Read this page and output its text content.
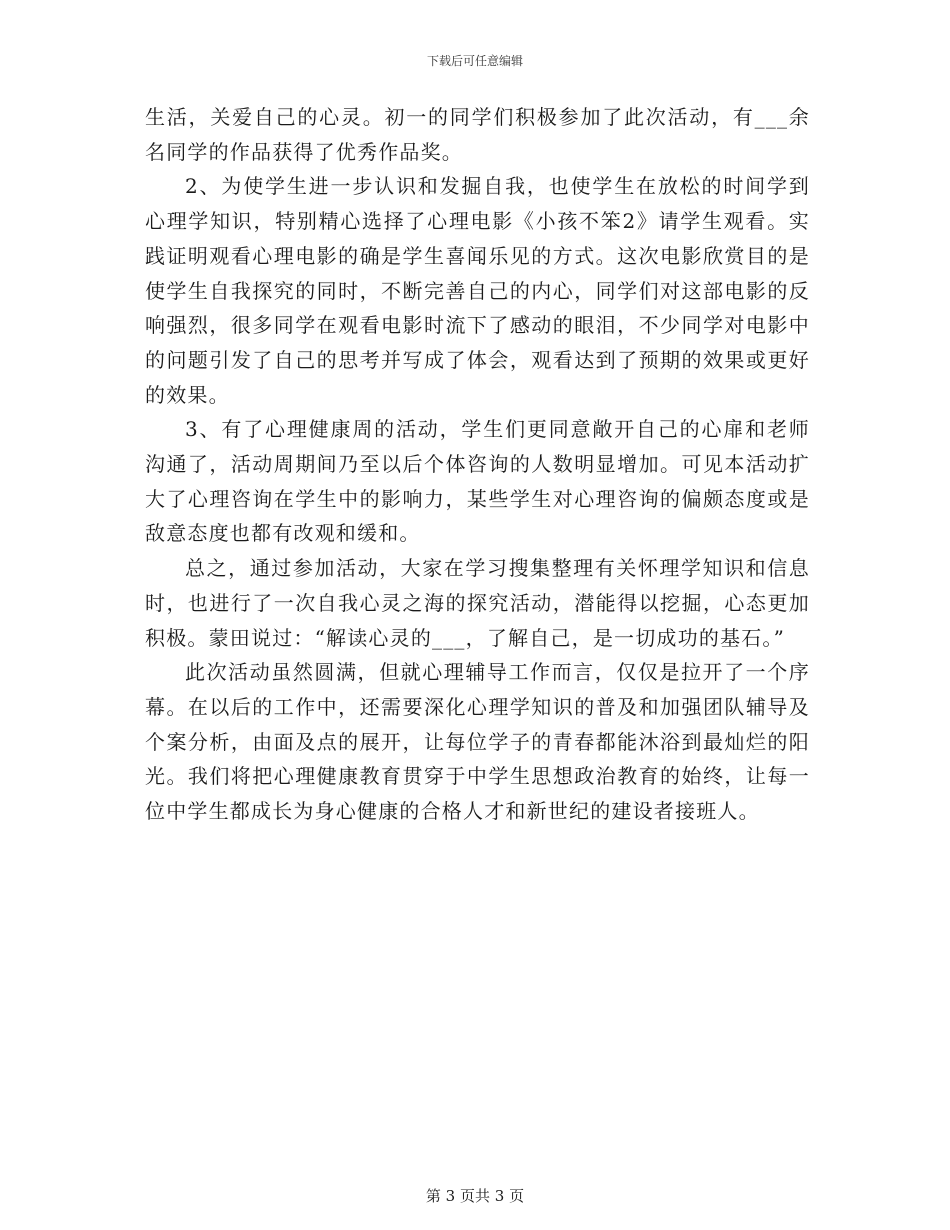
下载后可任意编辑

生活，关爱自己的心灵。初一的同学们积极参加了此次活动，有___余名同学的作品获得了优秀作品奖。

2、为使学生进一步认识和发掘自我，也使学生在放松的时间学到心理学知识，特别精心选择了心理电影《小孩不笨2》请学生观看。实践证明观看心理电影的确是学生喜闻乐见的方式。这次电影欣赏目的是使学生自我探究的同时，不断完善自己的内心，同学们对这部电影的反响强烈，很多同学在观看电影时流下了感动的眼泪，不少同学对电影中的问题引发了自己的思考并写成了体会，观看达到了预期的效果或更好的效果。

3、有了心理健康周的活动，学生们更同意敞开自己的心扉和老师沟通了，活动周期间乃至以后个体咨询的人数明显增加。可见本活动扩大了心理咨询在学生中的影响力，某些学生对心理咨询的偏颇态度或是敌意态度也都有改观和缓和。

总之，通过参加活动，大家在学习搜集整理有关怀理学知识和信息时，也进行了一次自我心灵之海的探究活动，潜能得以挖掘，心态更加积极。蒙田说过：“解读心灵的___，了解自己，是一切成功的基石。”

此次活动虽然圆满，但就心理辅导工作而言，仅仅是拉开了一个序幕。在以后的工作中，还需要深化心理学知识的普及和加强团队辅导及个案分析，由面及点的展开，让每位学子的青春都能沐浴到最灿烂的阳光。我们将把心理健康教育贯穿于中学生思想政治教育的始终，让每一位中学生都成长为身心健康的合格人才和新世纪的建设者接班人。

第 3 页共 3 页
